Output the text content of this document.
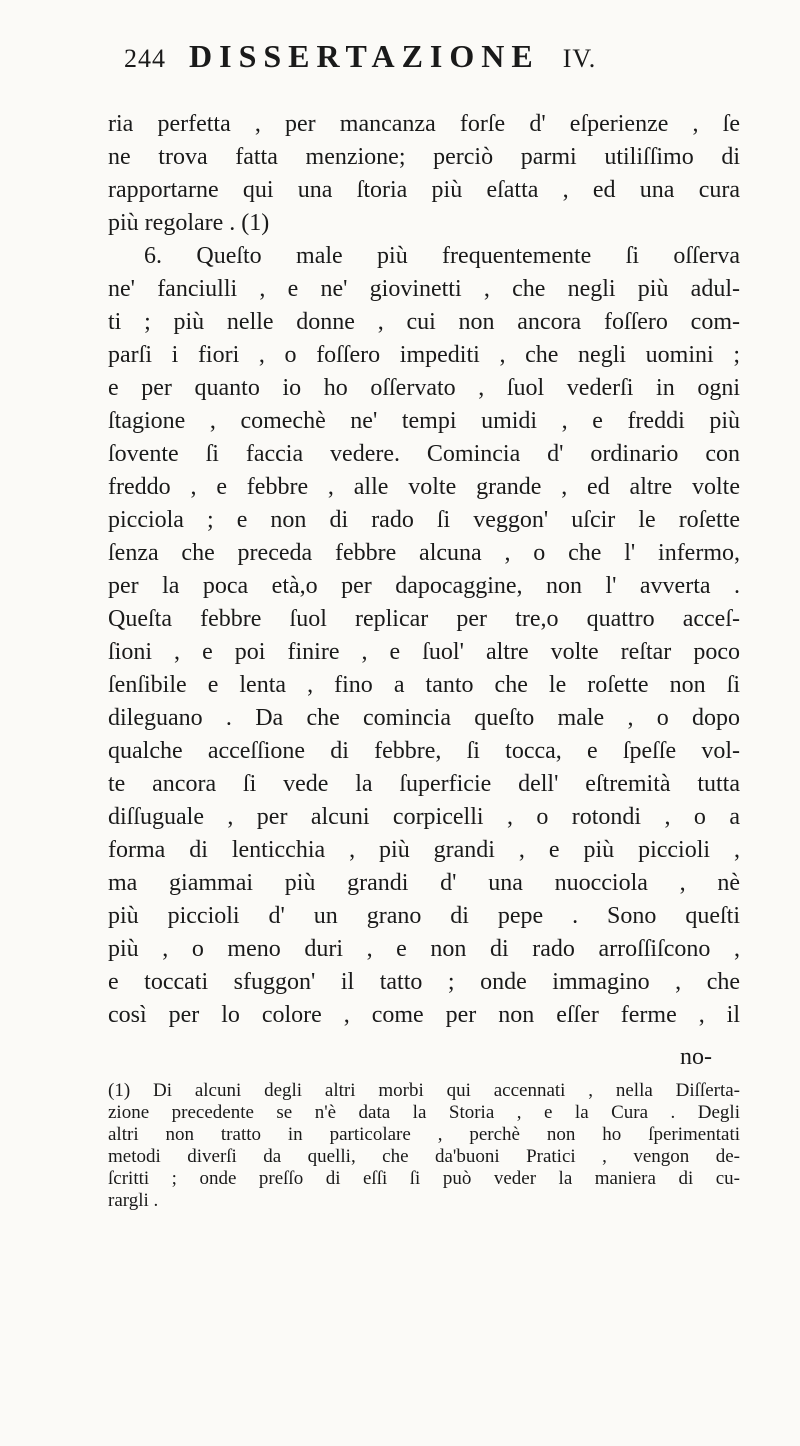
244 DISSERTAZIONE IV.
ria perfetta , per mancanza forſe d' eſperienze , ſe
ne trova fatta menzione; perciò parmi utiliſſimo di
rapportarne qui una ſtoria più eſatta , ed una cura
più regolare . (1)
6. Queſto male più frequentemente ſi oſſerva
ne' fanciulli , e ne' giovinetti , che negli più adul-
ti ; più nelle donne , cui non ancora foſſero com-
parſi i fiori , o foſſero impediti , che negli uomini ;
e per quanto io ho oſſervato , ſuol vederſi in ogni
ſtagione , comechè ne' tempi umidi , e freddi più
ſovente ſi faccia vedere. Comincia d' ordinario con
freddo , e febbre , alle volte grande , ed altre volte
picciola ; e non di rado ſi veggon' uſcir le roſette
ſenza che preceda febbre alcuna , o che l' infermo,
per la poca età,o per dapocaggine, non l' avverta .
Queſta febbre ſuol replicar per tre,o quattro acceſ-
ſioni , e poi finire , e ſuol' altre volte reſtar poco
ſenſibile e lenta , fino a tanto che le roſette non ſi
dileguano . Da che comincia queſto male , o dopo
qualche acceſſione di febbre, ſi tocca, e ſpeſſe vol-
te ancora ſi vede la ſuperficie dell' eſtremità tutta
diſſuguale , per alcuni corpicelli , o rotondi , o a
forma di lenticchia , più grandi , e più piccioli ,
ma giammai più grandi d' una nuocciola , nè
più piccioli d' un grano di pepe . Sono queſti
più , o meno duri , e non di rado arroſſiſcono ,
e toccati sfuggon' il tatto ; onde immagino , che
così per lo colore , come per non eſſer ferme , il
no-
(1) Di alcuni degli altri morbi qui accennati , nella Diſſerta-
zione precedente se n'è data la Storia , e la Cura . Degli
altri non tratto in particolare , perchè non ho ſperimentati
metodi diverſi da quelli, che da'buoni Pratici , vengon de-
ſcritti ; onde preſſo di eſſi ſi può veder la maniera di cu-
rargli .
